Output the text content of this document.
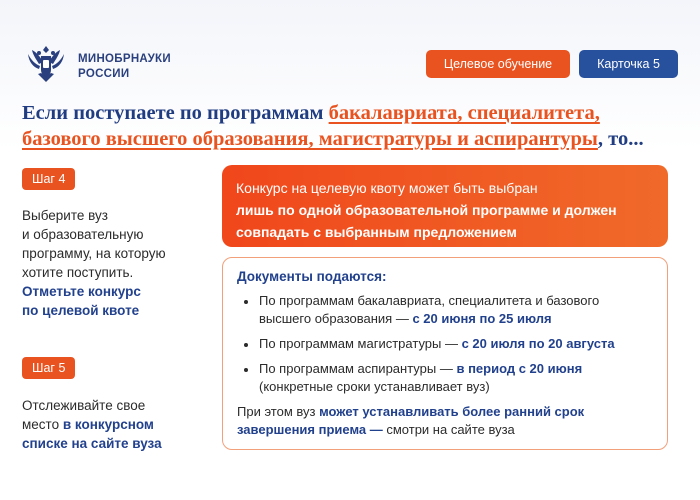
МИНОБРНАУКИ
РОССИИ
Целевое обучение	Карточка 5
Если поступаете по программам бакалавриата, специалитета,
базового высшего образования, магистратуры и аспирантуры, то...
Шаг 4
Выберите вуз
и образовательную
программу, на которую
хотите поступить.
Отметьте конкурс
по целевой квоте
Шаг 5
Отслеживайте свое
место в конкурсном
списке на сайте вуза
Конкурс на целевую квоту может быть выбран
лишь по одной образовательной программе и должен
совпадать с выбранным предложением
Документы подаются:
По программам бакалавриата, специалитета и базового
высшего образования — с 20 июня по 25 июля
По программам магистратуры — с 20 июля по 20 августа
По программам аспирантуры — в период с 20 июня
(конкретные сроки устанавливает вуз)
При этом вуз может устанавливать более ранний срок
завершения приема — смотри на сайте вуза
